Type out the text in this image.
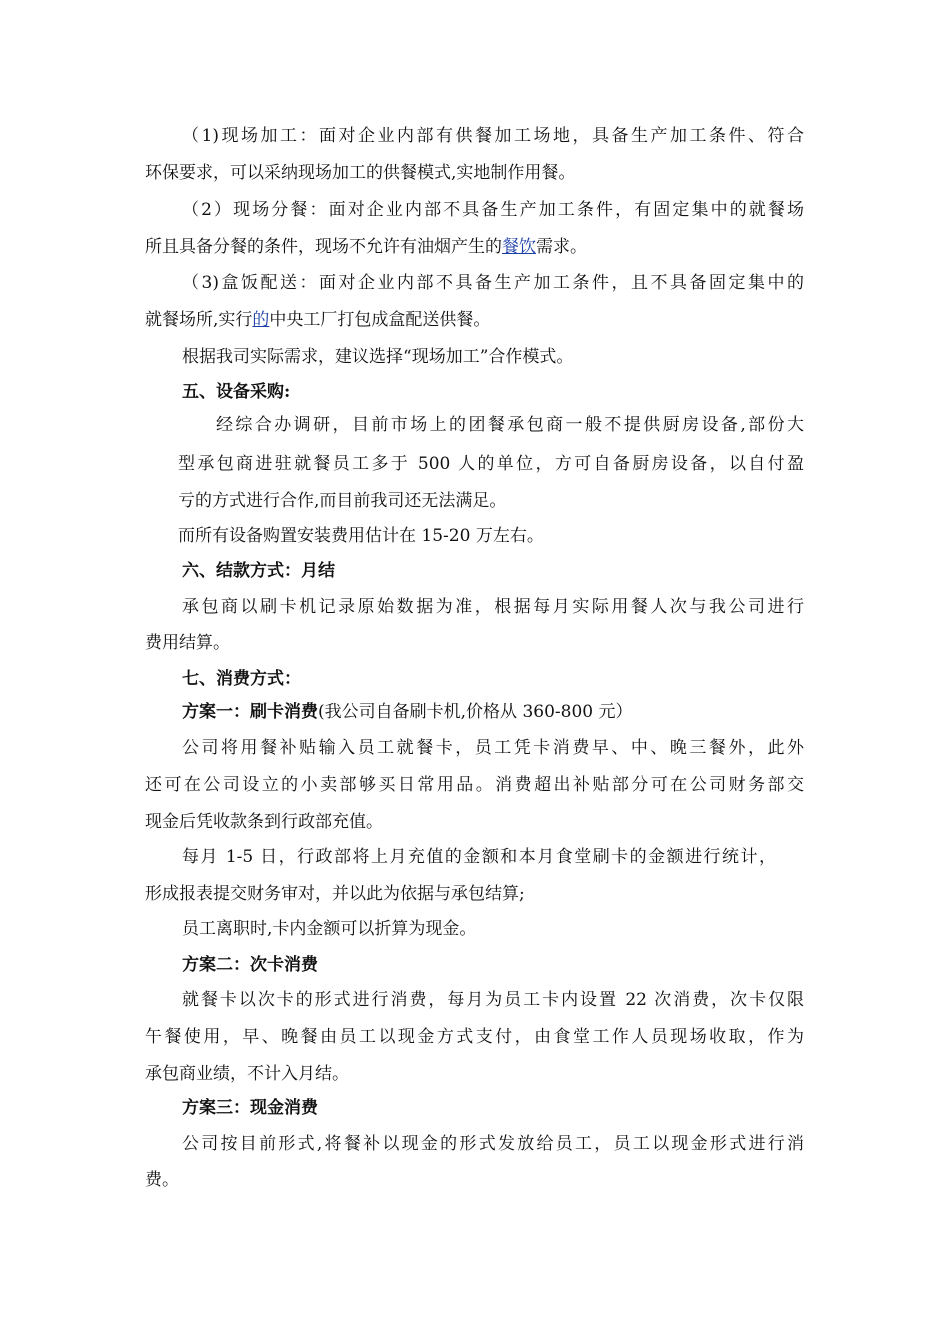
（1)现场加工：面对企业内部有供餐加工场地，具备生产加工条件、符合
环保要求，可以采纳现场加工的供餐模式,实地制作用餐。
（2）现场分餐：面对企业内部不具备生产加工条件，有固定集中的就餐场
所且具备分餐的条件，现场不允许有油烟产生的餐饮需求。
（3)盒饭配送：面对企业内部不具备生产加工条件，且不具备固定集中的
就餐场所,实行的中央工厂打包成盒配送供餐。
根据我司实际需求，建议选择“现场加工”合作模式。
五、设备采购:
经综合办调研，目前市场上的团餐承包商一般不提供厨房设备,部份大
型承包商进驻就餐员工多于 500 人的单位，方可自备厨房设备，以自付盈
亏的方式进行合作,而目前我司还无法满足。
而所有设备购置安装费用估计在 15-20 万左右。
六、结款方式：月结
承包商以刷卡机记录原始数据为准，根据每月实际用餐人次与我公司进行
费用结算。
七、消费方式：
方案一：刷卡消费(我公司自备刷卡机,价格从 360-800 元）
公司将用餐补贴输入员工就餐卡，员工凭卡消费早、中、晚三餐外，此外
还可在公司设立的小卖部够买日常用品。消费超出补贴部分可在公司财务部交
现金后凭收款条到行政部充值。
每月 1-5 日，行政部将上月充值的金额和本月食堂刷卡的金额进行统计，
形成报表提交财务审对，并以此为依据与承包结算;
员工离职时,卡内金额可以折算为现金。
方案二：次卡消费
就餐卡以次卡的形式进行消费，每月为员工卡内设置 22 次消费，次卡仅限
午餐使用，早、晚餐由员工以现金方式支付，由食堂工作人员现场收取，作为
承包商业绩，不计入月结。
方案三：现金消费
公司按目前形式,将餐补以现金的形式发放给员工，员工以现金形式进行消
费。
